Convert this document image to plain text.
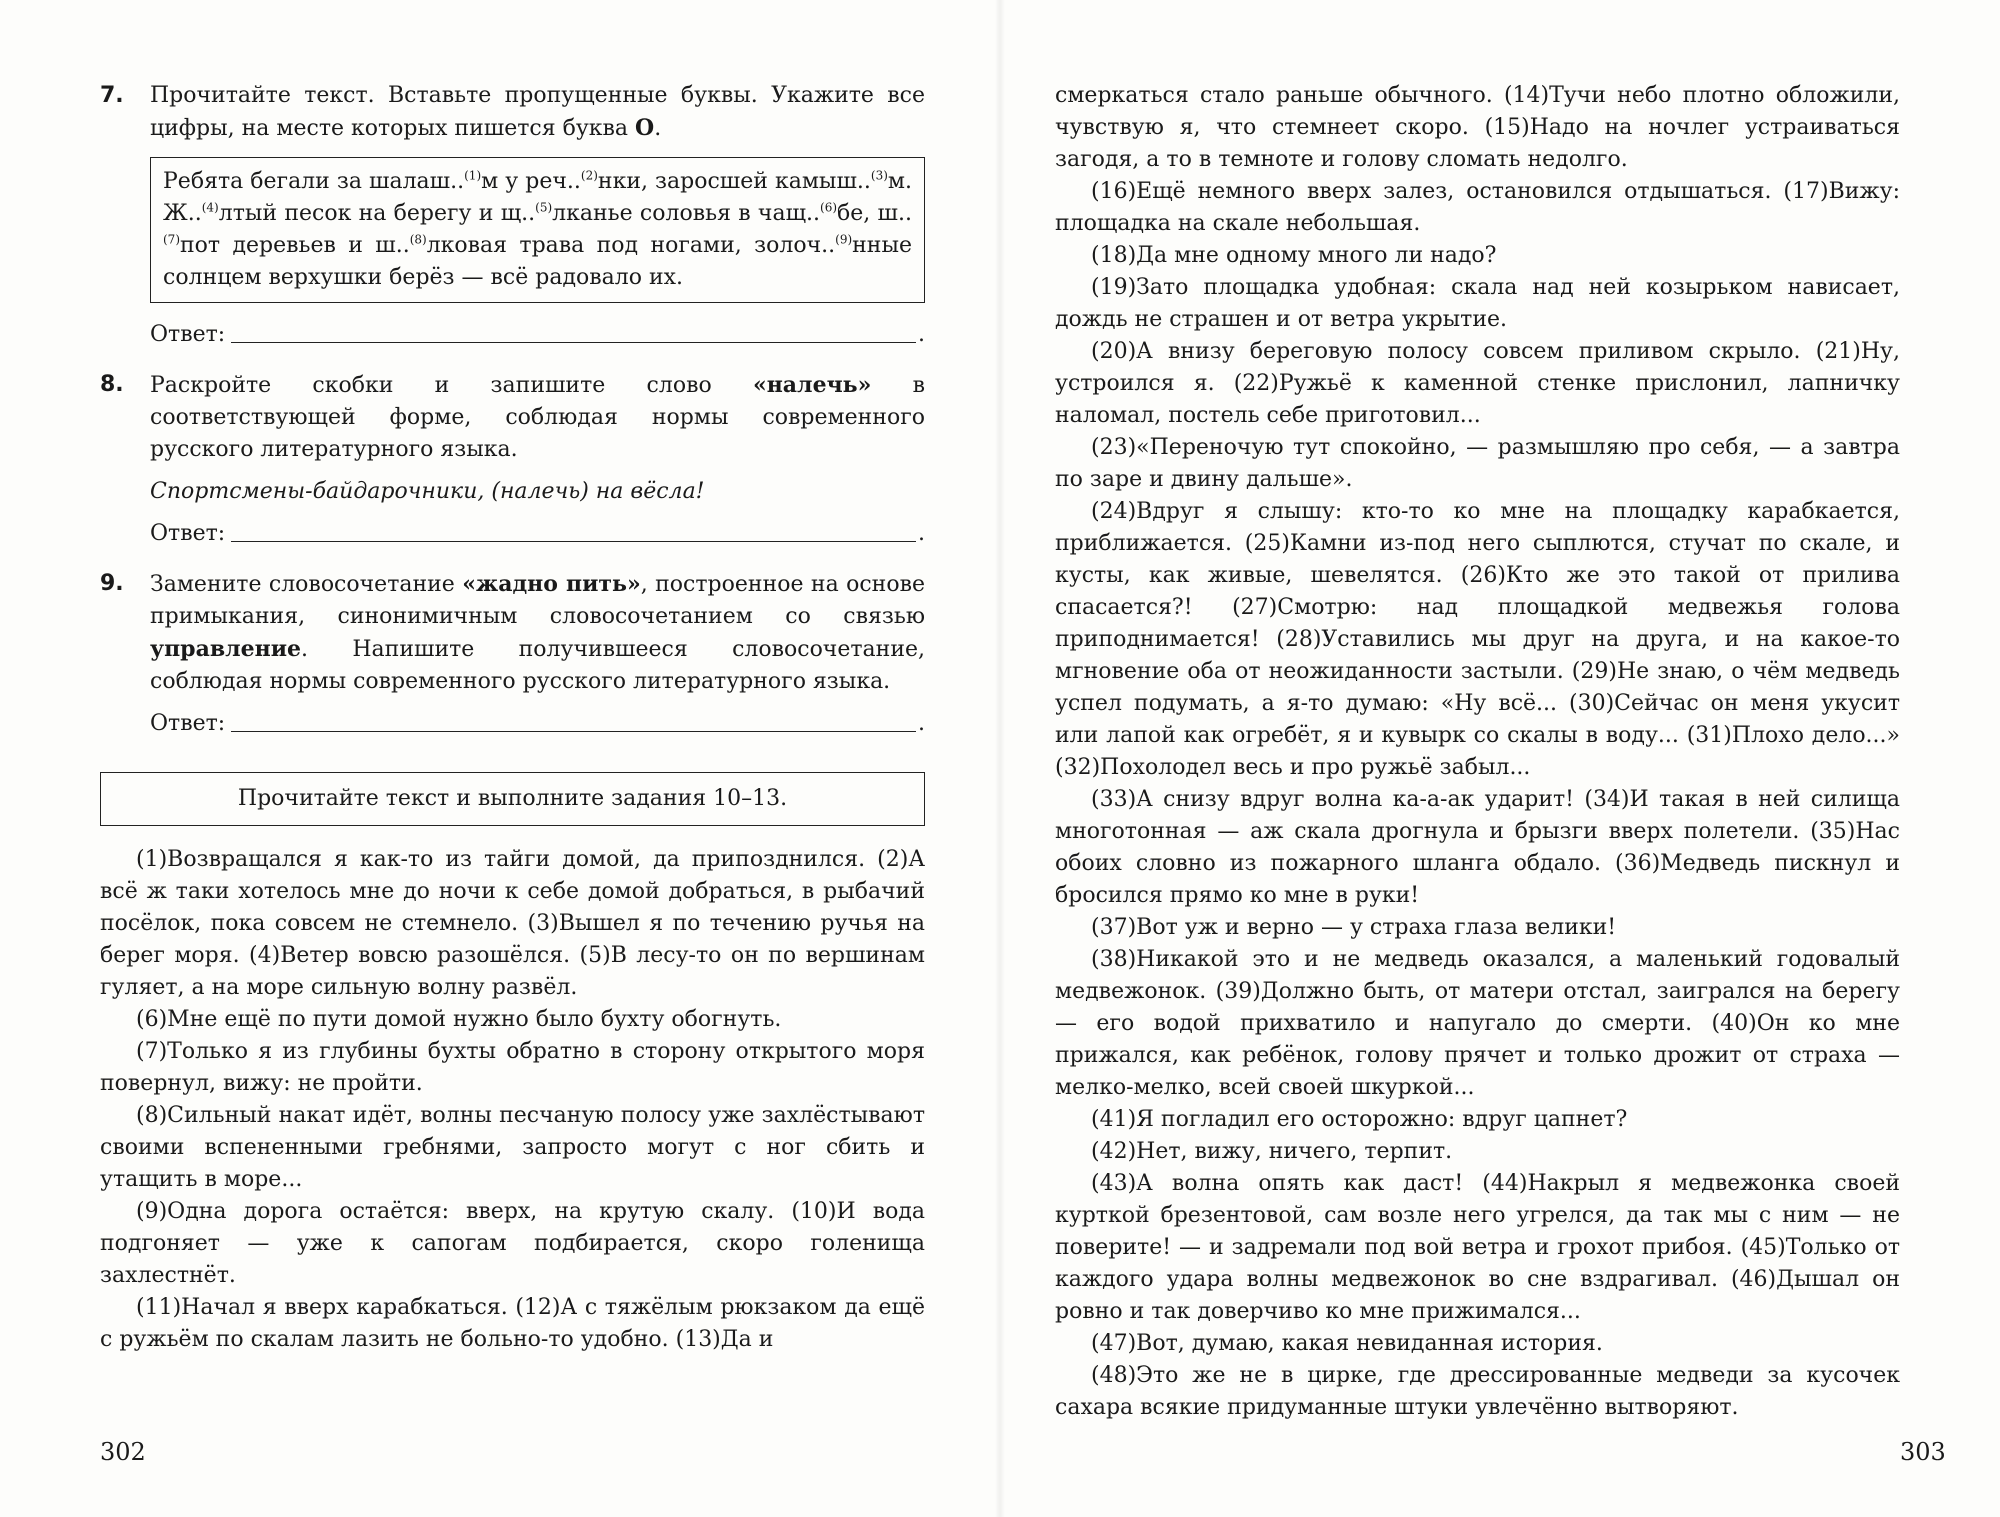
7. Прочитайте текст. Вставьте пропущенные буквы. Укажите все цифры, на месте которых пишется буква О.

Ребята бегали за шалаш..$^{(1)}$м у реч..$^{(2)}$нки, заросшей камыш..$^{(3)}$м. Ж..$^{(4)}$лтый песок на берегу и щ..$^{(5)}$лканье соловья в чащ..$^{(6)}$бе, ш..$^{(7)}$пот деревьев и ш..$^{(8)}$лковая трава под ногами, золоч..$^{(9)}$нные солнцем верхушки берёз — всё радовало их.
Ответ:	.
8. Раскройте скобки и запишите слово «налечь» в соответствующей форме, соблюдая нормы современного русского литературного языка.

Спортсмены-байдарочники, (налечь) на вёсла!

Ответ:	.
9. Замените словосочетание «жадно пить», построенное на основе примыкания, синонимичным словосочетанием со связью управление. Напишите получившееся словосочетание, соблюдая нормы современного русского литературного языка.

Ответ:	.
Прочитайте текст и выполните задания 10–13.

(1)Возвращался я как-то из тайги домой, да припозднился. (2)А всё ж таки хотелось мне до ночи к себе домой добраться, в рыбачий посёлок, пока совсем не стемнело. (3)Вышел я по течению ручья на берег моря. (4)Ветер вовсю разошёлся. (5)В лесу-то он по вершинам гуляет, а на море сильную волну развёл.

(6)Мне ещё по пути домой нужно было бухту обогнуть.

(7)Только я из глубины бухты обратно в сторону открытого моря повернул, вижу: не пройти.

(8)Сильный накат идёт, волны песчаную полосу уже захлёстывают своими вспененными гребнями, запросто могут с ног сбить и утащить в море...

(9)Одна дорога остаётся: вверх, на крутую скалу. (10)И вода подгоняет — уже к сапогам подбирается, скоро голенища захлестнёт.

(11)Начал я вверх карабкаться. (12)А с тяжёлым рюкзаком да ещё с ружьём по скалам лазить не больно-то удобно. (13)Да и

302

смеркаться стало раньше обычного. (14)Тучи небо плотно обложили, чувствую я, что стемнеет скоро. (15)Надо на ночлег устраиваться загодя, а то в темноте и голову сломать недолго.

(16)Ещё немного вверх залез, остановился отдышаться. (17)Вижу: площадка на скале небольшая.

(18)Да мне одному много ли надо?

(19)Зато площадка удобная: скала над ней козырьком нависает, дождь не страшен и от ветра укрытие.

(20)А внизу береговую полосу совсем приливом скрыло. (21)Ну, устроился я. (22)Ружьё к каменной стенке прислонил, лапничку наломал, постель себе приготовил...

(23)«Переночую тут спокойно, — размышляю про себя, — а завтра по заре и двину дальше».

(24)Вдруг я слышу: кто-то ко мне на площадку карабкается, приближается. (25)Камни из-под него сыплются, стучат по скале, и кусты, как живые, шевелятся. (26)Кто же это такой от прилива спасается?! (27)Смотрю: над площадкой медвежья голова приподнимается! (28)Уставились мы друг на друга, и на какое-то мгновение оба от неожиданности застыли. (29)Не знаю, о чём медведь успел подумать, а я-то думаю: «Ну всё... (30)Сейчас он меня укусит или лапой как огребёт, я и кувырк со скалы в воду... (31)Плохо дело...» (32)Похолодел весь и про ружьё забыл...

(33)А снизу вдруг волна ка-а-ак ударит! (34)И такая в ней силища многотонная — аж скала дрогнула и брызги вверх полетели. (35)Нас обоих словно из пожарного шланга обдало. (36)Медведь пискнул и бросился прямо ко мне в руки!

(37)Вот уж и верно — у страха глаза велики!

(38)Никакой это и не медведь оказался, а маленький годовалый медвежонок. (39)Должно быть, от матери отстал, заигрался на берегу — его водой прихватило и напугало до смерти. (40)Он ко мне прижался, как ребёнок, голову прячет и только дрожит от страха — мелко-мелко, всей своей шкуркой...

(41)Я погладил его осторожно: вдруг цапнет?

(42)Нет, вижу, ничего, терпит.

(43)А волна опять как даст! (44)Накрыл я медвежонка своей курткой брезентовой, сам возле него угрелся, да так мы с ним — не поверите! — и задремали под вой ветра и грохот прибоя. (45)Только от каждого удара волны медвежонок во сне вздрагивал. (46)Дышал он ровно и так доверчиво ко мне прижимался...

(47)Вот, думаю, какая невиданная история.

(48)Это же не в цирке, где дрессированные медведи за кусочек сахара всякие придуманные штуки увлечённо вытворяют.

303
